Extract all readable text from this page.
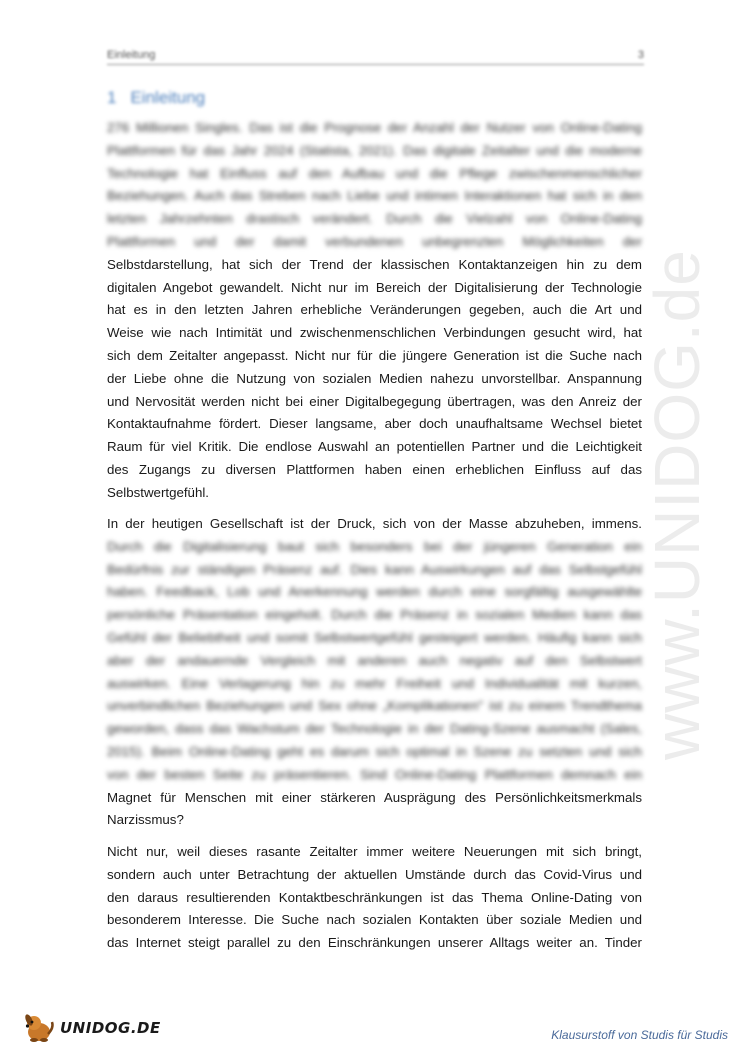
Einleitung	3
1 Einleitung
www.UNIDOG.de
276 Millionen Singles. Das ist die Prognose der Anzahl der Nutzer von Online-Dating
Plattformen für das Jahr 2024 (Statista, 2021). Das digitale Zeitalter und die moderne
Technologie hat Einfluss auf den Aufbau und die Pflege zwischenmenschlicher
Beziehungen. Auch das Streben nach Liebe und intimen Interaktionen hat sich in den
letzten Jahrzehnten drastisch verändert. Durch die Vielzahl von Online-Dating
Plattformen und der damit verbundenen unbegrenzten Möglichkeiten der
Selbstdarstellung, hat sich der Trend der klassischen Kontaktanzeigen hin zu dem
digitalen Angebot gewandelt. Nicht nur im Bereich der Digitalisierung der Technologie
hat es in den letzten Jahren erhebliche Veränderungen gegeben, auch die Art und
Weise wie nach Intimität und zwischenmenschlichen Verbindungen gesucht wird, hat
sich dem Zeitalter angepasst. Nicht nur für die jüngere Generation ist die Suche nach
der Liebe ohne die Nutzung von sozialen Medien nahezu unvorstellbar. Anspannung
und Nervosität werden nicht bei einer Digitalbegegung übertragen, was den Anreiz der
Kontaktaufnahme fördert. Dieser langsame, aber doch unaufhaltsame Wechsel bietet
Raum für viel Kritik. Die endlose Auswahl an potentiellen Partner und die Leichtigkeit
des Zugangs zu diversen Plattformen haben einen erheblichen Einfluss auf das
Selbstwertgefühl.
In der heutigen Gesellschaft ist der Druck, sich von der Masse abzuheben, immens.
Durch die Digitalisierung baut sich besonders bei der jüngeren Generation ein
Bedürfnis zur ständigen Präsenz auf. Dies kann Auswirkungen auf das Selbstgefühl
haben. Feedback, Lob und Anerkennung werden durch eine sorgfältig ausgewählte
persönliche Präsentation eingeholt. Durch die Präsenz in sozialen Medien kann das
Gefühl der Beliebtheit und somit Selbstwertgefühl gesteigert werden. Häufig kann sich
aber der andauernde Vergleich mit anderen auch negativ auf den Selbstwert
auswirken. Eine Verlagerung hin zu mehr Freiheit und Individualität mit kurzen,
unverbindlichen Beziehungen und Sex ohne „Komplikationen" ist zu einem Trendthema
geworden, dass das Wachstum der Technologie in der Dating-Szene ausmacht (Sales,
2015). Beim Online-Dating geht es darum sich optimal in Szene zu setzten und sich
von der besten Seite zu präsentieren. Sind Online-Dating Plattformen demnach ein
Magnet für Menschen mit einer stärkeren Ausprägung des Persönlichkeitsmerkmals
Narzissmus?
Nicht nur, weil dieses rasante Zeitalter immer weitere Neuerungen mit sich bringt,
sondern auch unter Betrachtung der aktuellen Umstände durch das Covid-Virus und
den daraus resultierenden Kontaktbeschränkungen ist das Thema Online-Dating von
besonderem Interesse. Die Suche nach sozialen Kontakten über soziale Medien und
das Internet steigt parallel zu den Einschränkungen unserer Alltags weiter an. Tinder
UNIDOG.DE	Klausurstoff von Studis für Studis
